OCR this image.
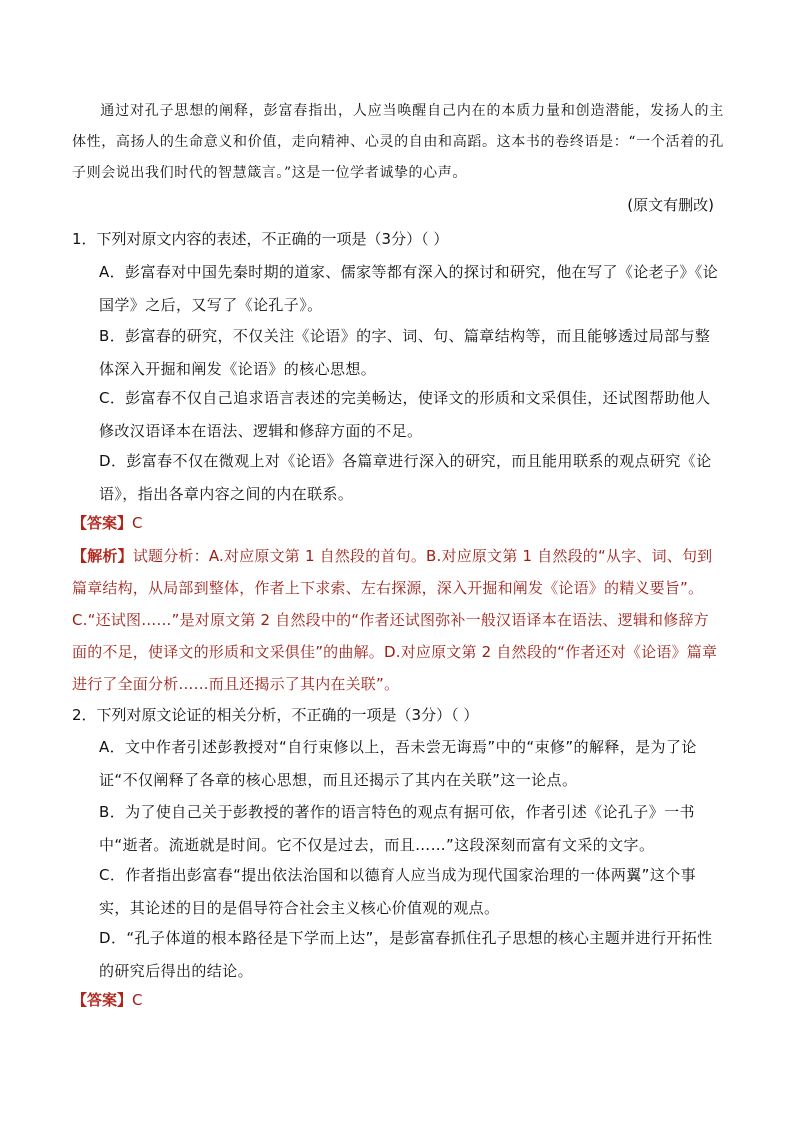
通过对孔子思想的阐释，彭富春指出，人应当唤醒自己内在的本质力量和创造潜能，发扬人的主体性，高扬人的生命意义和价值，走向精神、心灵的自由和高蹈。这本书的卷终语是：“一个活着的孔子则会说出我们时代的智慧箴言。”这是一位学者诚挚的心声。
(原文有删改)
1．下列对原文内容的表述，不正确的一项是（3分）（ ）
A．彭富春对中国先秦时期的道家、儒家等都有深入的探讨和研究，他在写了《论老子》《论国学》之后，又写了《论孔子》。
B．彭富春的研究，不仅关注《论语》的字、词、句、篇章结构等，而且能够透过局部与整体深入开掘和阐发《论语》的核心思想。
C．彭富春不仅自己追求语言表述的完美畅达，使译文的形质和文采俱佳，还试图帮助他人修改汉语译本在语法、逻辑和修辞方面的不足。
D．彭富春不仅在微观上对《论语》各篇章进行深入的研究，而且能用联系的观点研究《论语》，指出各章内容之间的内在联系。
【答案】C
【解析】试题分析：A.对应原文第 1 自然段的首句。B.对应原文第 1 自然段的“从字、词、句到篇章结构，从局部到整体，作者上下求索、左右探源，深入开掘和阐发《论语》的精义要旨”。C.“还试图……”是对原文第 2 自然段中的“作者还试图弥补一般汉语译本在语法、逻辑和修辞方面的不足，使译文的形质和文采俱佳”的曲解。D.对应原文第 2 自然段的“作者还对《论语》篇章进行了全面分析……而且还揭示了其内在关联”。
2．下列对原文论证的相关分析，不正确的一项是（3分）（ ）
A．文中作者引述彭教授对“自行束修以上，吾未尝无诲焉”中的“束修”的解释，是为了论证“不仅阐释了各章的核心思想，而且还揭示了其内在关联”这一论点。
B．为了使自己关于彭教授的著作的语言特色的观点有据可依，作者引述《论孔子》一书中“逝者。流逝就是时间。它不仅是过去，而且……”这段深刻而富有文采的文字。
C．作者指出彭富春“提出依法治国和以德育人应当成为现代国家治理的一体两翼”这个事实，其论述的目的是倡导符合社会主义核心价值观的观点。
D．“孔子体道的根本路径是下学而上达”，是彭富春抓住孔子思想的核心主题并进行开拓性的研究后得出的结论。
【答案】C
